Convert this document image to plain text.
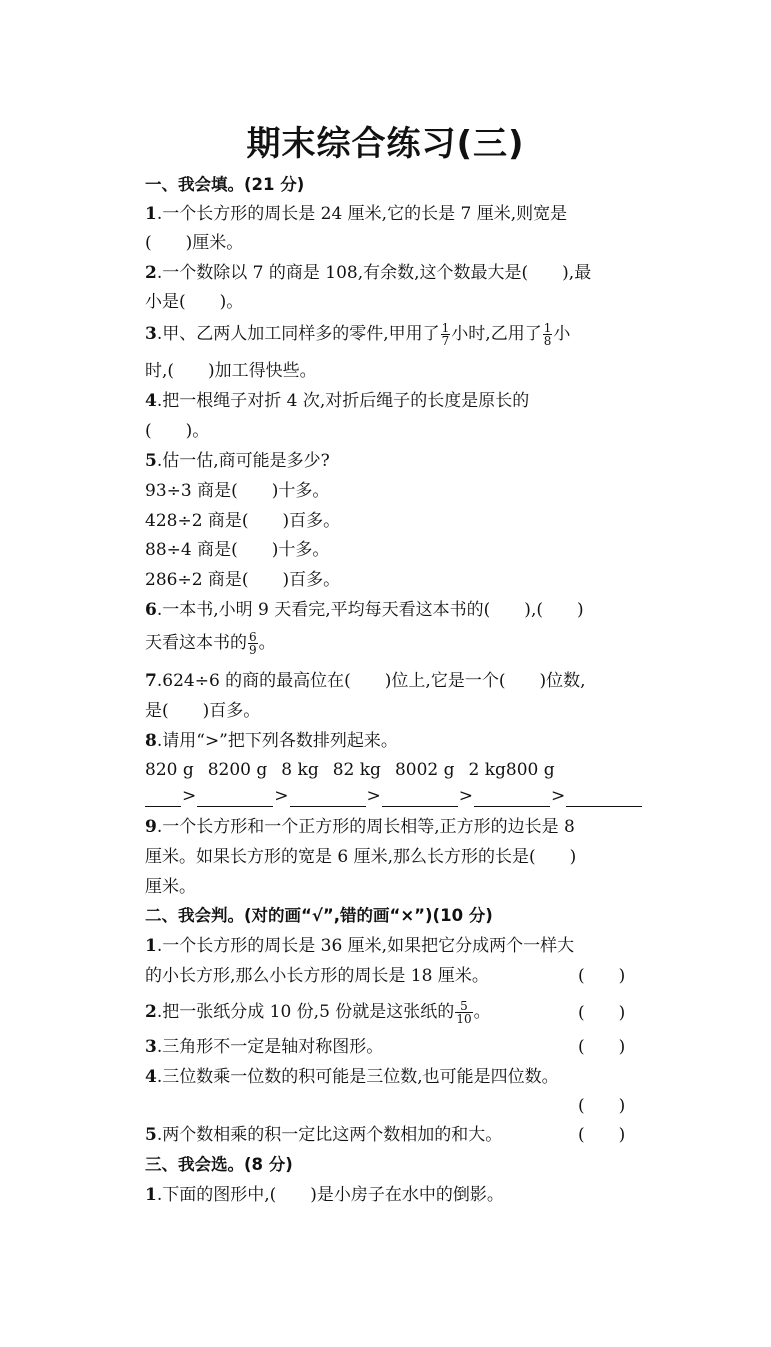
期末综合练习(三)
一、我会填。(21 分)
1.一个长方形的周长是 24 厘米,它的长是 7 厘米,则宽是
(　　)厘米。
2.一个数除以 7 的商是 108,有余数,这个数最大是(　　),最
小是(　　)。
3.甲、乙两人加工同样多的零件,甲用了 $\frac{1}{7}$ 小时,乙用了 $\frac{1}{8}$ 小
时,(　　)加工得快些。
4.把一根绳子对折 4 次,对折后绳子的长度是原长的
(　　)。
5.估一估,商可能是多少?
93÷3 商是(　　)十多。
428÷2 商是(　　)百多。
88÷4 商是(　　)十多。
286÷2 商是(　　)百多。
6.一本书,小明 9 天看完,平均每天看这本书的(　　),(　　)
天看这本书的 $\frac{6}{9}$ 。
7.624÷6 的商的最高位在(　　)位上,它是一个(　　)位数,
是(　　)百多。
8.请用“>”把下列各数排列起来。
820 g 8200 g 8 kg 82 kg 8002 g 2 kg800 g
>	>	>	>	>
9.一个长方形和一个正方形的周长相等,正方形的边长是 8
厘米。如果长方形的宽是 6 厘米,那么长方形的长是(　　)
厘米。
二、我会判。(对的画“√”,错的画“×”)(10 分)
1.一个长方形的周长是 36 厘米,如果把它分成两个一样大
的小长方形,那么小长方形的周长是 18 厘米。	(　　)
2.把一张纸分成 10 份,5 份就是这张纸的 $\frac{5}{10}$ 。	(　　)
3.三角形不一定是轴对称图形。	(　　)
4.三位数乘一位数的积可能是三位数,也可能是四位数。
(　　)
5.两个数相乘的积一定比这两个数相加的和大。	(　　)
三、我会选。(8 分)
1.下面的图形中,(　　)是小房子在水中的倒影。
